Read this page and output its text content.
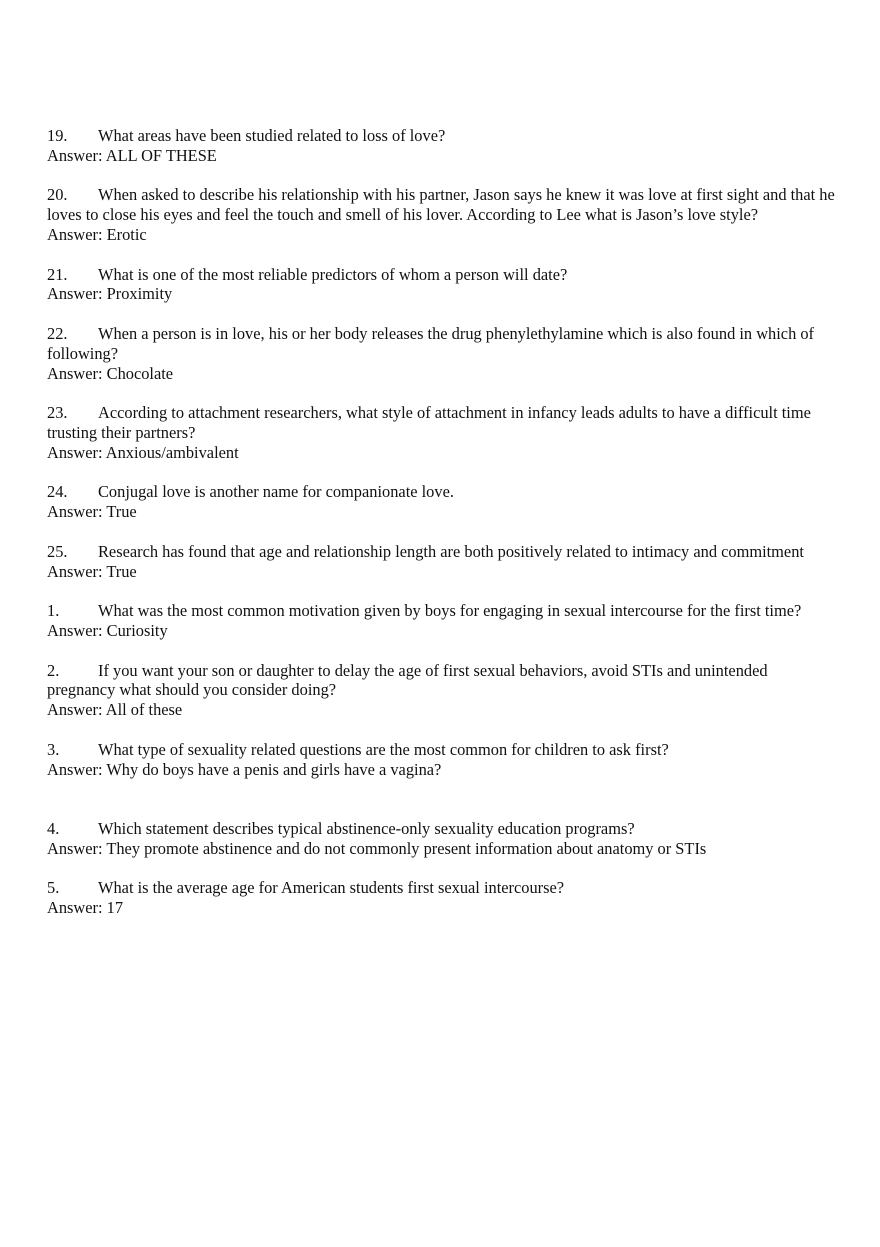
19. What areas have been studied related to loss of love?

Answer: ALL OF THESE

20. When asked to describe his relationship with his partner, Jason says he knew it was love at first sight and that he loves to close his eyes and feel the touch and smell of his lover. According to Lee what is Jason’s love style?

Answer: Erotic

21. What is one of the most reliable predictors of whom a person will date?

Answer: Proximity

22. When a person is in love, his or her body releases the drug phenylethylamine which is also found in which of following?

Answer: Chocolate

23. According to attachment researchers, what style of attachment in infancy leads adults to have a difficult time trusting their partners?

Answer: Anxious/ambivalent

24. Conjugal love is another name for companionate love.

Answer: True

25. Research has found that age and relationship length are both positively related to intimacy and commitment

Answer: True

1. What was the most common motivation given by boys for engaging in sexual intercourse for the first time?

Answer: Curiosity

2. If you want your son or daughter to delay the age of first sexual behaviors, avoid STIs and unintended pregnancy what should you consider doing?

Answer: All of these

3. What type of sexuality related questions are the most common for children to ask first?

Answer: Why do boys have a penis and girls have a vagina?

4. Which statement describes typical abstinence-only sexuality education programs?

Answer: They promote abstinence and do not commonly present information about anatomy or STIs

5. What is the average age for American students first sexual intercourse?

Answer: 17
